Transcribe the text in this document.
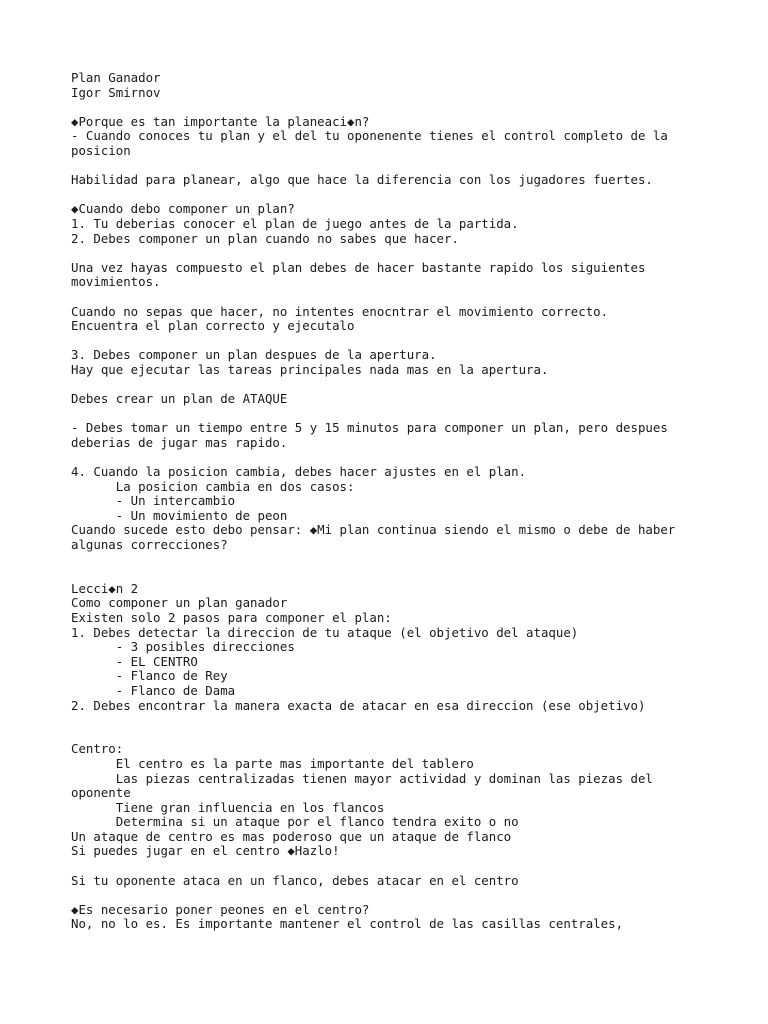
Plan Ganador
Igor Smirnov
◆Porque es tan importante la planeaci◆n?
- Cuando conoces tu plan y el del tu oponenente tienes el control completo de la
posicion
Habilidad para planear, algo que hace la diferencia con los jugadores fuertes.
◆Cuando debo componer un plan?
1. Tu deberias conocer el plan de juego antes de la partida.
2. Debes componer un plan cuando no sabes que hacer.
Una vez hayas compuesto el plan debes de hacer bastante rapido los siguientes
movimientos.
Cuando no sepas que hacer, no intentes enocntrar el movimiento correcto.
Encuentra el plan correcto y ejecutalo
3. Debes componer un plan despues de la apertura.
Hay que ejecutar las tareas principales nada mas en la apertura.
Debes crear un plan de ATAQUE
- Debes tomar un tiempo entre 5 y 15 minutos para componer un plan, pero despues
deberias de jugar mas rapido.
4. Cuando la posicion cambia, debes hacer ajustes en el plan.
La posicion cambia en dos casos:
- Un intercambio
- Un movimiento de peon
Cuando sucede esto debo pensar: ◆Mi plan continua siendo el mismo o debe de haber
algunas correcciones?
Lecci◆n 2
Como componer un plan ganador
Existen solo 2 pasos para componer el plan:
1. Debes detectar la direccion de tu ataque (el objetivo del ataque)
- 3 posibles direcciones
- EL CENTRO
- Flanco de Rey
- Flanco de Dama
2. Debes encontrar la manera exacta de atacar en esa direccion (ese objetivo)
Centro:
El centro es la parte mas importante del tablero
Las piezas centralizadas tienen mayor actividad y dominan las piezas del
oponente
Tiene gran influencia en los flancos
Determina si un ataque por el flanco tendra exito o no
Un ataque de centro es mas poderoso que un ataque de flanco
Si puedes jugar en el centro ◆Hazlo!
Si tu oponente ataca en un flanco, debes atacar en el centro
◆Es necesario poner peones en el centro?
No, no lo es. Es importante mantener el control de las casillas centrales,
